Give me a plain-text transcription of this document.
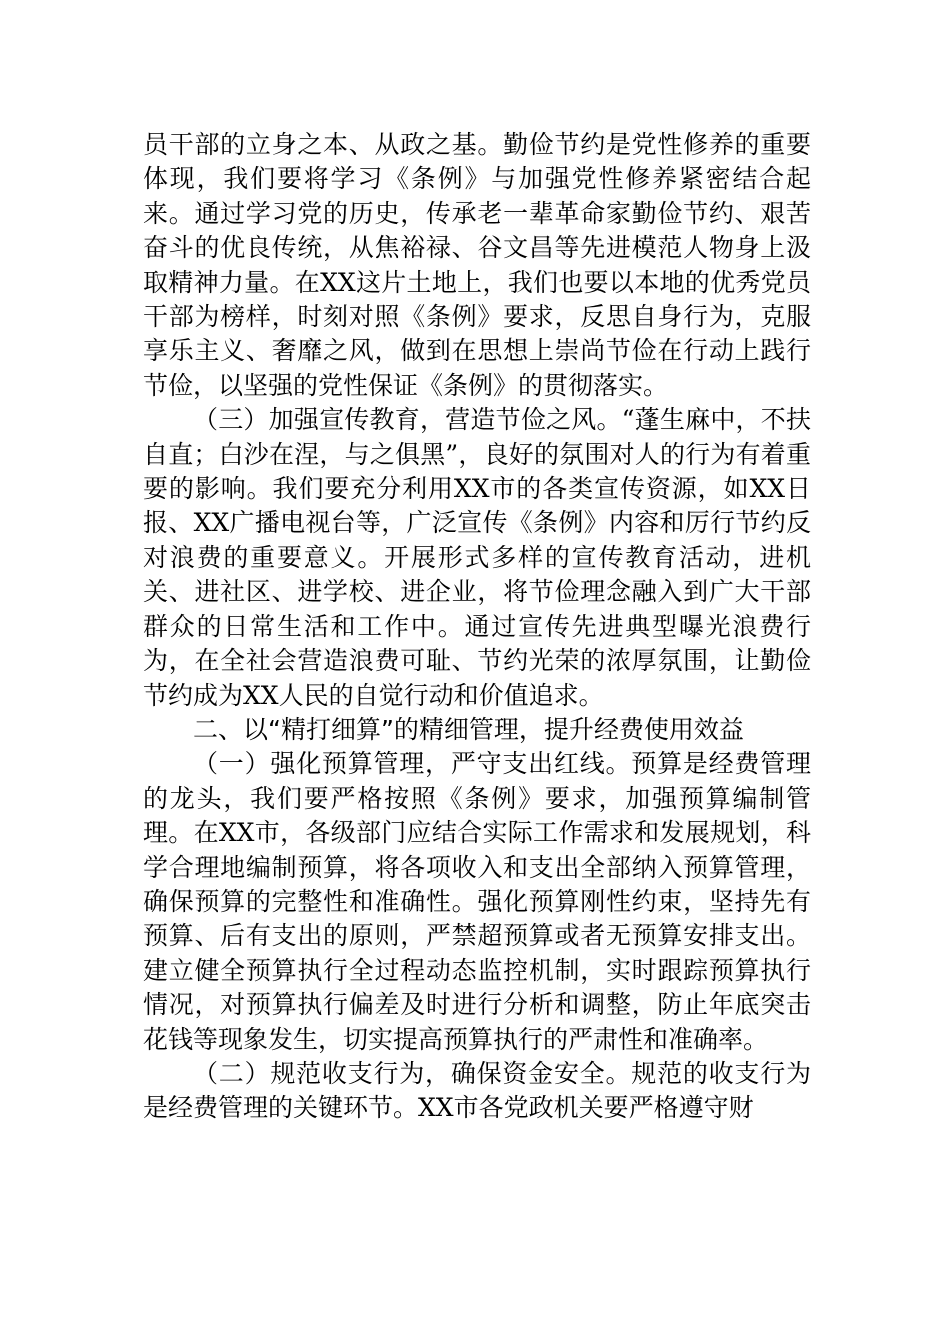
员干部的立身之本、从政之基。勤俭节约是党性修养的重要体现，我们要将学习《条例》与加强党性修养紧密结合起来。通过学习党的历史，传承老一辈革命家勤俭节约、艰苦奋斗的优良传统，从焦裕禄、谷文昌等先进模范人物身上汲取精神力量。在XX这片土地上，我们也要以本地的优秀党员干部为榜样，时刻对照《条例》要求，反思自身行为，克服享乐主义、奢靡之风，做到在思想上崇尚节俭在行动上践行节俭，以坚强的党性保证《条例》的贯彻落实。

（三）加强宣传教育，营造节俭之风。“蓬生麻中，不扶自直；白沙在涅，与之俱黑”，良好的氛围对人的行为有着重要的影响。我们要充分利用XX市的各类宣传资源，如XX日报、XX广播电视台等，广泛宣传《条例》内容和厉行节约反对浪费的重要意义。开展形式多样的宣传教育活动，进机关、进社区、进学校、进企业，将节俭理念融入到广大干部群众的日常生活和工作中。通过宣传先进典型曝光浪费行为，在全社会营造浪费可耻、节约光荣的浓厚氛围，让勤俭节约成为XX人民的自觉行动和价值追求。

二、以“精打细算”的精细管理，提升经费使用效益

（一）强化预算管理，严守支出红线。预算是经费管理的龙头，我们要严格按照《条例》要求，加强预算编制管理。在XX市，各级部门应结合实际工作需求和发展规划，科学合理地编制预算，将各项收入和支出全部纳入预算管理，确保预算的完整性和准确性。强化预算刚性约束，坚持先有预算、后有支出的原则，严禁超预算或者无预算安排支出。建立健全预算执行全过程动态监控机制，实时跟踪预算执行情况，对预算执行偏差及时进行分析和调整，防止年底突击花钱等现象发生，切实提高预算执行的严肃性和准确率。

（二）规范收支行为，确保资金安全。规范的收支行为是经费管理的关键环节。XX市各党政机关要严格遵守财
